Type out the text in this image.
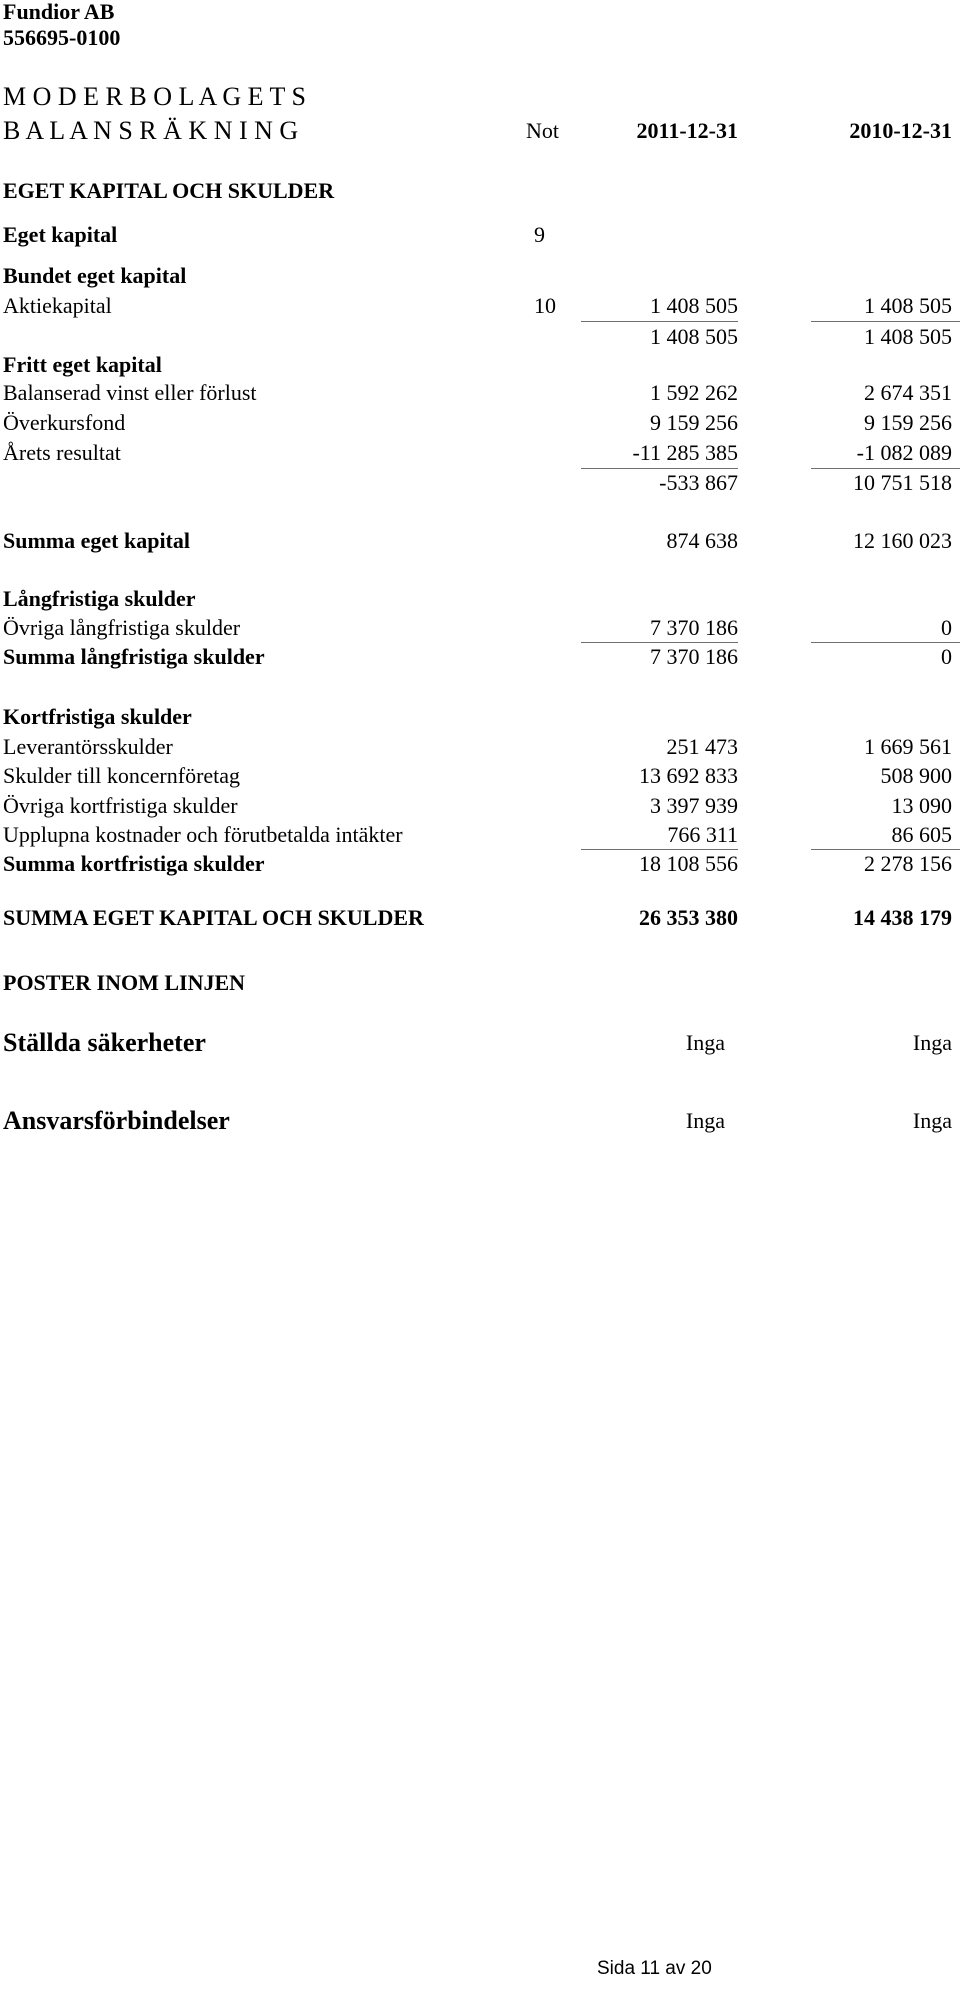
Fundior AB
556695-0100
M O D E R B O L A G E T S
B A L A N S R Ä K N I N G	Not	2011-12-31	2010-12-31
EGET KAPITAL OCH SKULDER
Eget kapital	9
Bundet eget kapital
Aktiekapital	10	1 408 505	1 408 505
1 408 505	1 408 505
Fritt eget kapital
Balanserad vinst eller förlust	1 592 262	2 674 351
Överkursfond	9 159 256	9 159 256
Årets resultat	-11 285 385	-1 082 089
-533 867	10 751 518
Summa eget kapital	874 638	12 160 023
Långfristiga skulder
Övriga långfristiga skulder	7 370 186	0
Summa långfristiga skulder	7 370 186	0
Kortfristiga skulder
Leverantörsskulder	251 473	1 669 561
Skulder till koncernföretag	13 692 833	508 900
Övriga kortfristiga skulder	3 397 939	13 090
Upplupna kostnader och förutbetalda intäkter	766 311	86 605
Summa kortfristiga skulder	18 108 556	2 278 156
SUMMA EGET KAPITAL OCH SKULDER	26 353 380	14 438 179
POSTER INOM LINJEN
Ställda säkerheter	Inga	Inga
Ansvarsförbindelser	Inga	Inga
Sida 11 av 20
